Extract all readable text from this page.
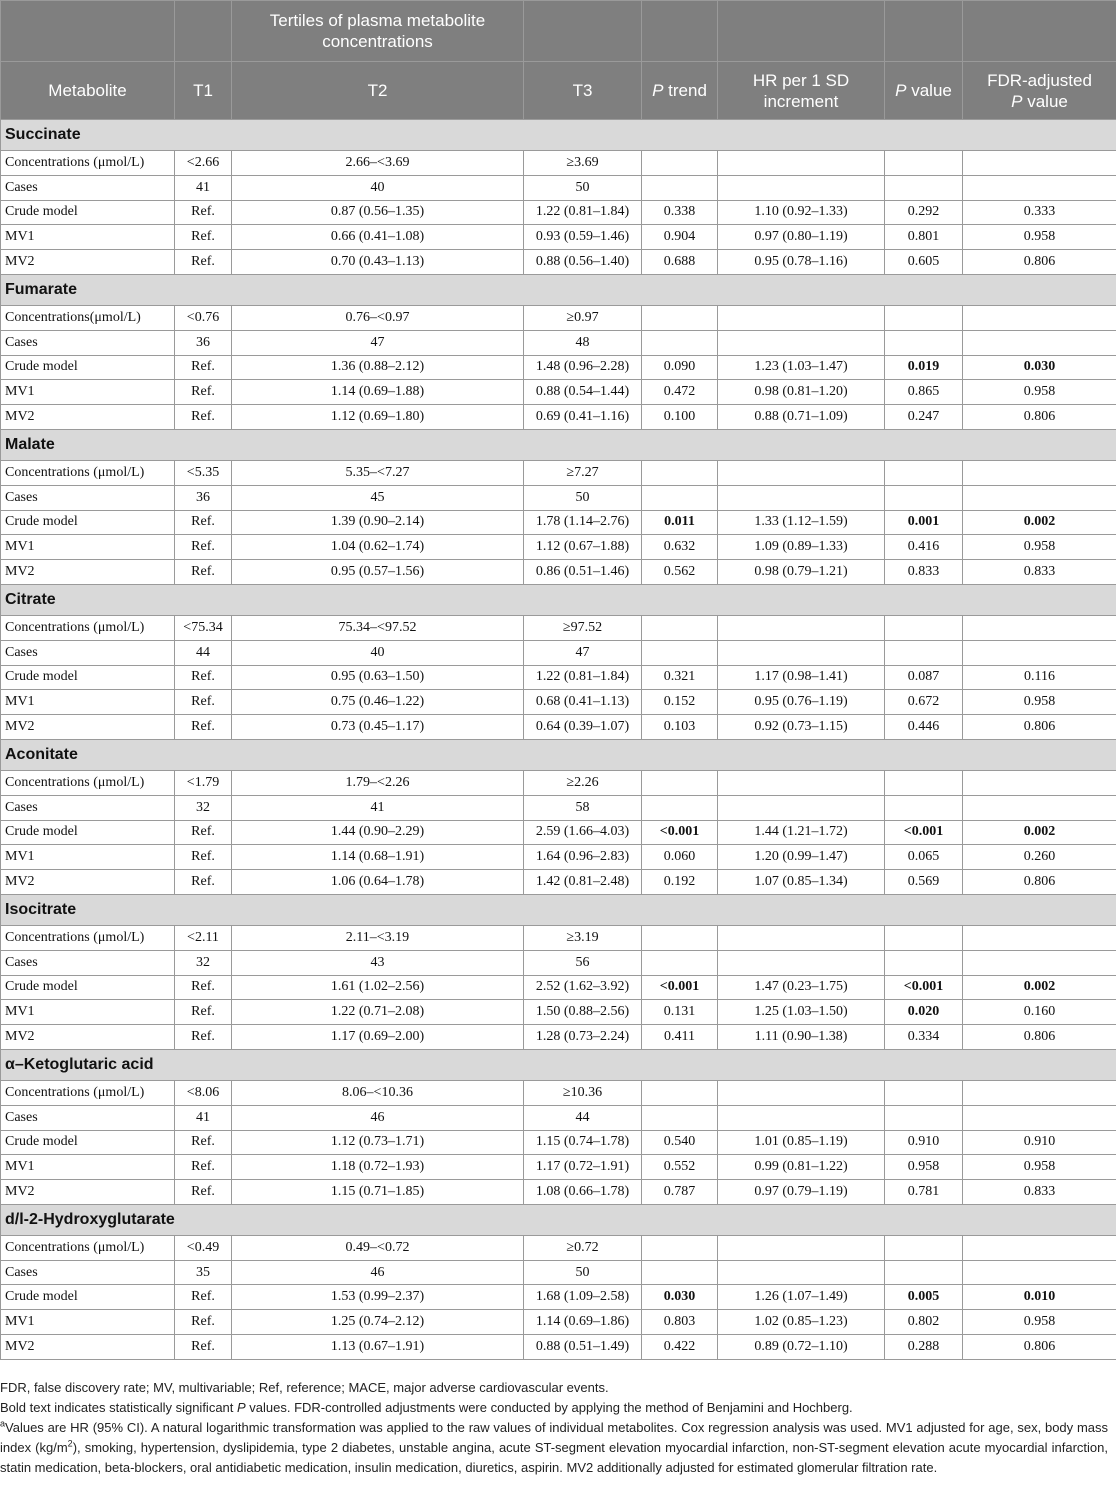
		Tertiles of plasma metabolite concentrations					
Metabolite	T1	T2	T3	P trend	HR per 1 SD increment	P value	FDR-adjusted
P value
Succinate							
Concentrations (μmol/L)	<2.66	2.66–<3.69	≥3.69				
Cases	41	40	50				
Crude model	Ref.	0.87 (0.56–1.35)	1.22 (0.81–1.84)	0.338	1.10 (0.92–1.33)	0.292	0.333
MV1	Ref.	0.66 (0.41–1.08)	0.93 (0.59–1.46)	0.904	0.97 (0.80–1.19)	0.801	0.958
MV2	Ref.	0.70 (0.43–1.13)	0.88 (0.56–1.40)	0.688	0.95 (0.78–1.16)	0.605	0.806
Fumarate							
Concentrations(μmol/L)	<0.76	0.76–<0.97	≥0.97				
Cases	36	47	48				
Crude model	Ref.	1.36 (0.88–2.12)	1.48 (0.96–2.28)	0.090	1.23 (1.03–1.47)	0.019	0.030
MV1	Ref.	1.14 (0.69–1.88)	0.88 (0.54–1.44)	0.472	0.98 (0.81–1.20)	0.865	0.958
MV2	Ref.	1.12 (0.69–1.80)	0.69 (0.41–1.16)	0.100	0.88 (0.71–1.09)	0.247	0.806
Malate							
Concentrations (μmol/L)	<5.35	5.35–<7.27	≥7.27				
Cases	36	45	50				
Crude model	Ref.	1.39 (0.90–2.14)	1.78 (1.14–2.76)	0.011	1.33 (1.12–1.59)	0.001	0.002
MV1	Ref.	1.04 (0.62–1.74)	1.12 (0.67–1.88)	0.632	1.09 (0.89–1.33)	0.416	0.958
MV2	Ref.	0.95 (0.57–1.56)	0.86 (0.51–1.46)	0.562	0.98 (0.79–1.21)	0.833	0.833
Citrate							
Concentrations (μmol/L)	<75.34	75.34–<97.52	≥97.52				
Cases	44	40	47				
Crude model	Ref.	0.95 (0.63–1.50)	1.22 (0.81–1.84)	0.321	1.17 (0.98–1.41)	0.087	0.116
MV1	Ref.	0.75 (0.46–1.22)	0.68 (0.41–1.13)	0.152	0.95 (0.76–1.19)	0.672	0.958
MV2	Ref.	0.73 (0.45–1.17)	0.64 (0.39–1.07)	0.103	0.92 (0.73–1.15)	0.446	0.806
Aconitate							
Concentrations (μmol/L)	<1.79	1.79–<2.26	≥2.26				
Cases	32	41	58				
Crude model	Ref.	1.44 (0.90–2.29)	2.59 (1.66–4.03)	<0.001	1.44 (1.21–1.72)	<0.001	0.002
MV1	Ref.	1.14 (0.68–1.91)	1.64 (0.96–2.83)	0.060	1.20 (0.99–1.47)	0.065	0.260
MV2	Ref.	1.06 (0.64–1.78)	1.42 (0.81–2.48)	0.192	1.07 (0.85–1.34)	0.569	0.806
Isocitrate							
Concentrations (μmol/L)	<2.11	2.11–<3.19	≥3.19				
Cases	32	43	56				
Crude model	Ref.	1.61 (1.02–2.56)	2.52 (1.62–3.92)	<0.001	1.47 (0.23–1.75)	<0.001	0.002
MV1	Ref.	1.22 (0.71–2.08)	1.50 (0.88–2.56)	0.131	1.25 (1.03–1.50)	0.020	0.160
MV2	Ref.	1.17 (0.69–2.00)	1.28 (0.73–2.24)	0.411	1.11 (0.90–1.38)	0.334	0.806
α–Ketoglutaric acid							
Concentrations (μmol/L)	<8.06	8.06–<10.36	≥10.36				
Cases	41	46	44				
Crude model	Ref.	1.12 (0.73–1.71)	1.15 (0.74–1.78)	0.540	1.01 (0.85–1.19)	0.910	0.910
MV1	Ref.	1.18 (0.72–1.93)	1.17 (0.72–1.91)	0.552	0.99 (0.81–1.22)	0.958	0.958
MV2	Ref.	1.15 (0.71–1.85)	1.08 (0.66–1.78)	0.787	0.97 (0.79–1.19)	0.781	0.833
d/l-2-Hydroxyglutarate							
Concentrations (μmol/L)	<0.49	0.49–<0.72	≥0.72				
Cases	35	46	50				
Crude model	Ref.	1.53 (0.99–2.37)	1.68 (1.09–2.58)	0.030	1.26 (1.07–1.49)	0.005	0.010
MV1	Ref.	1.25 (0.74–2.12)	1.14 (0.69–1.86)	0.803	1.02 (0.85–1.23)	0.802	0.958
MV2	Ref.	1.13 (0.67–1.91)	0.88 (0.51–1.49)	0.422	0.89 (0.72–1.10)	0.288	0.806

FDR, false discovery rate; MV, multivariable; Ref, reference; MACE, major adverse cardiovascular events.

Bold text indicates statistically significant P values. FDR-controlled adjustments were conducted by applying the method of Benjamini and Hochberg.

$^a$Values are HR (95% CI). A natural logarithmic transformation was applied to the raw values of individual metabolites. Cox regression analysis was used. MV1 adjusted for age, sex, body mass index $(kg/m^2)$, smoking, hypertension, dyslipidemia, type 2 diabetes, unstable angina, acute ST-segment elevation myocardial infarction, non-ST-segment elevation acute myocardial infarction, statin medication, beta-blockers, oral antidiabetic medication, insulin medication, diuretics, aspirin. MV2 additionally adjusted for estimated glomerular filtration rate.
